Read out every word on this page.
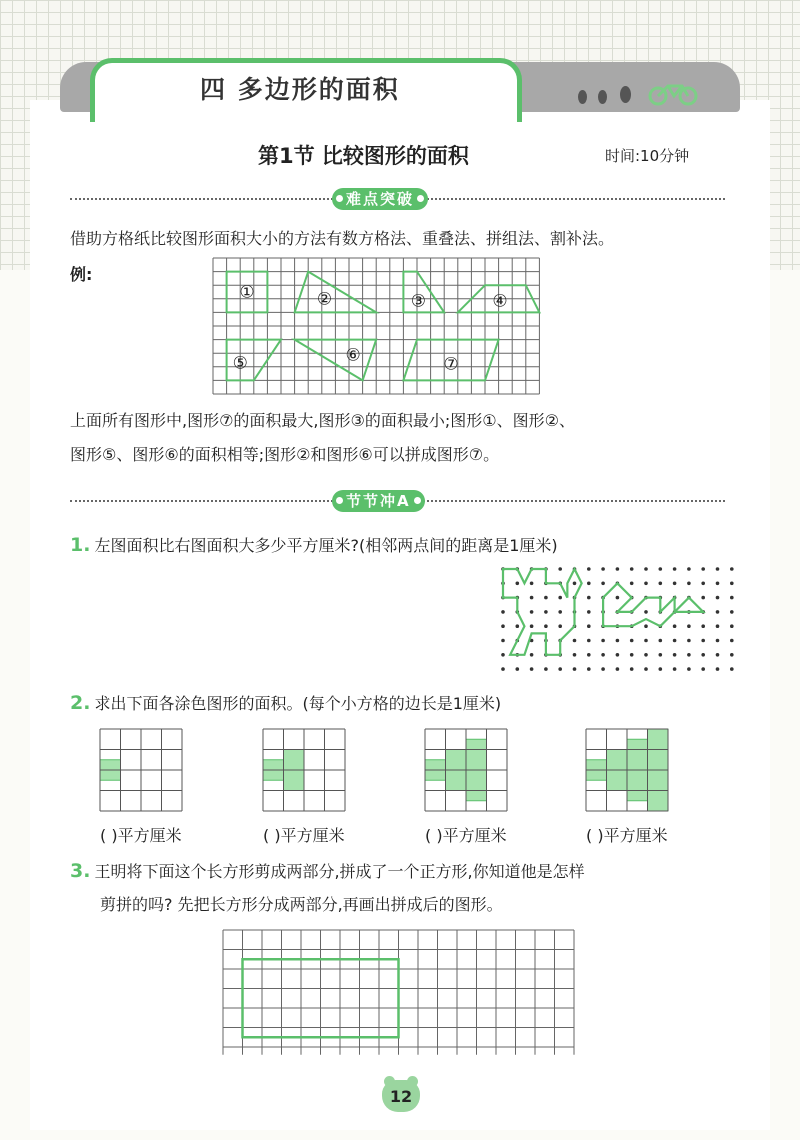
四 多边形的面积
第1节 比较图形的面积	时间:10分钟
难点突破
借助方格纸比较图形面积大小的方法有数方格法、重叠法、拼组法、割补法。
例:
①	②	③	④
⑤	⑥	⑦
上面所有图形中,图形⑦的面积最大,图形③的面积最小;图形①、图形②、
图形⑤、图形⑥的面积相等;图形②和图形⑥可以拼成图形⑦。
节节冲A
1. 左图面积比右图面积大多少平方厘米?(相邻两点间的距离是1厘米)
2. 求出下面各涂色图形的面积。(每个小方格的边长是1厘米)
( )平方厘米	( )平方厘米	( )平方厘米	( )平方厘米
3. 王明将下面这个长方形剪成两部分,拼成了一个正方形,你知道他是怎样
剪拼的吗? 先把长方形分成两部分,再画出拼成后的图形。
12
